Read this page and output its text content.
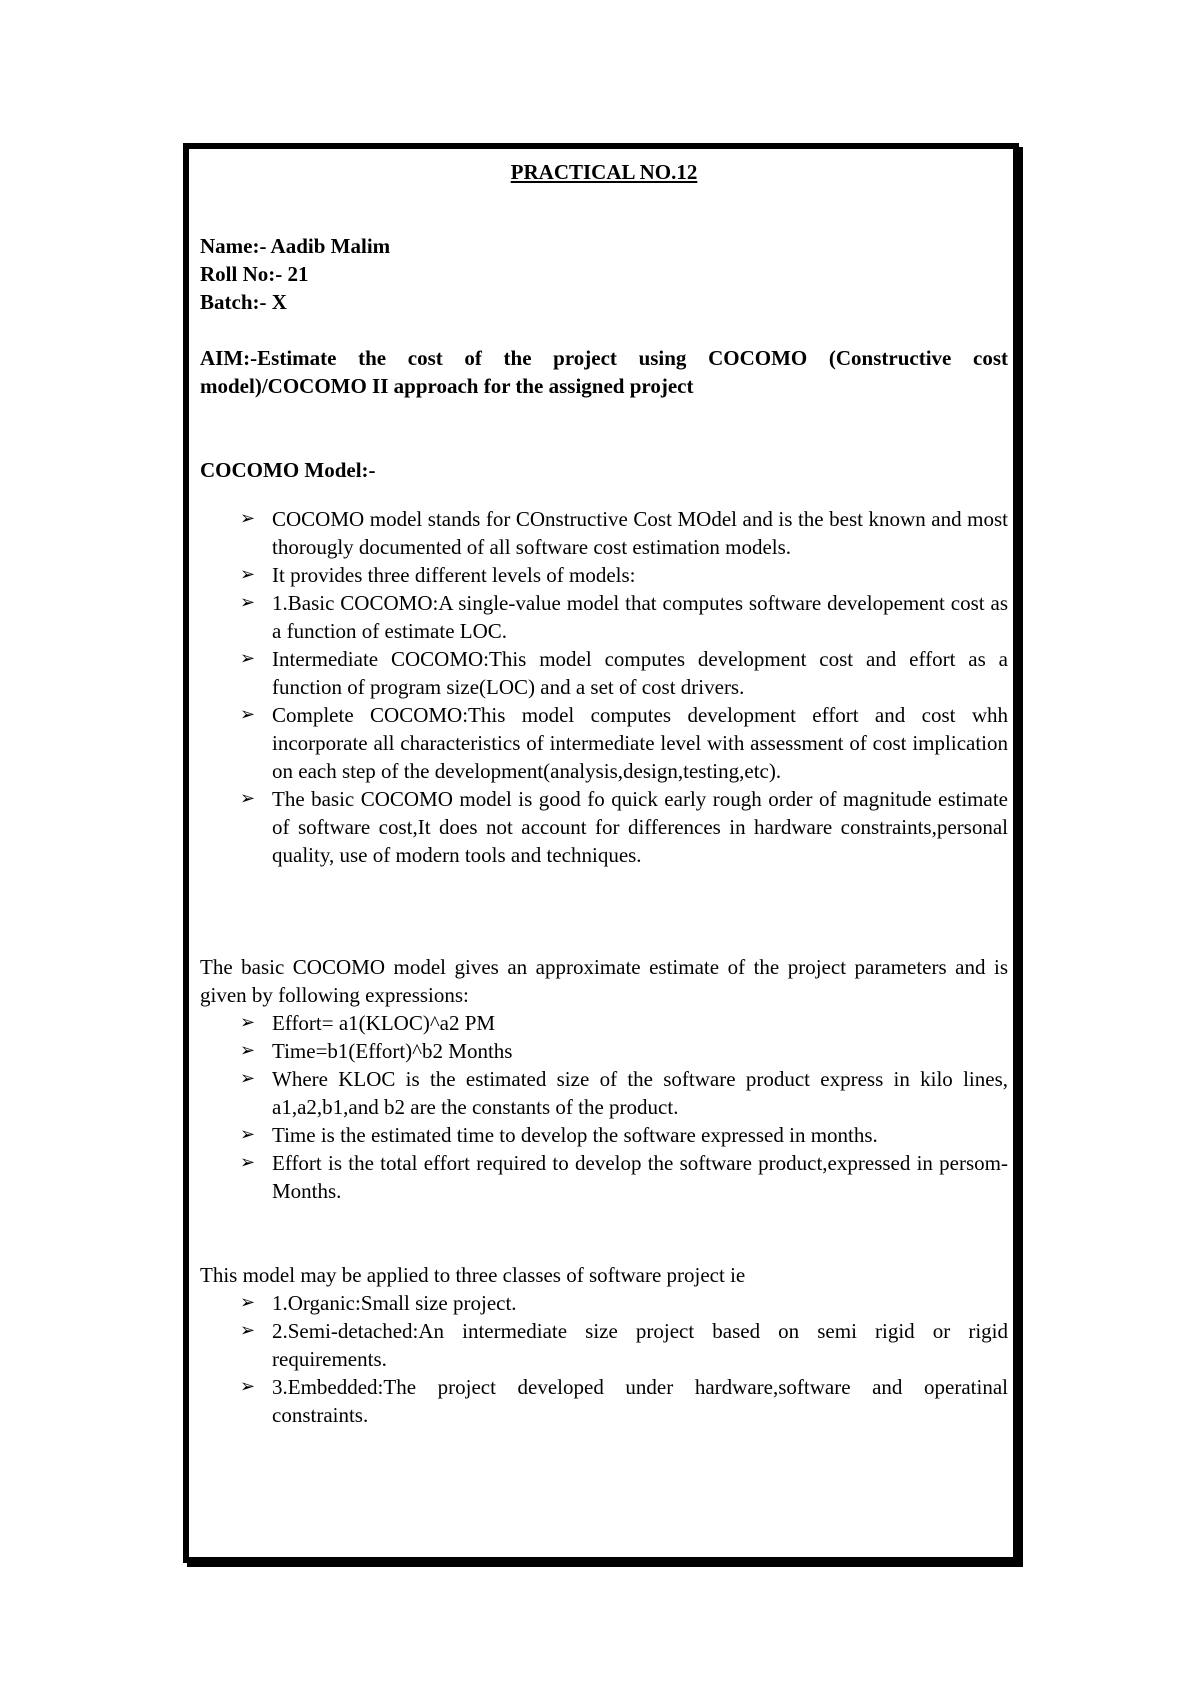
PRACTICAL NO.12

Name:- Aadib Malim

Roll No:- 21

Batch:- X

AIM:-Estimate the cost of the project using COCOMO (Constructive cost model)/COCOMO II approach for the assigned project

COCOMO Model:-

➢ COCOMO model stands for COnstructive Cost MOdel and is the best known and most thorougly documented of all software cost estimation models.
➢ It provides three different levels of models:
➢ 1.Basic COCOMO:A single-value model that computes software developement cost as a function of estimate LOC.
➢ Intermediate COCOMO:This model computes development cost and effort as a function of program size(LOC) and a set of cost drivers.
➢ Complete COCOMO:This model computes development effort and cost whh incorporate all characteristics of intermediate level with assessment of cost implication on each step of the development(analysis,design,testing,etc).
➢ The basic COCOMO model is good fo quick early rough order of magnitude estimate of software cost,It does not account for differences in hardware constraints,personal quality, use of modern tools and techniques.

The basic COCOMO model gives an approximate estimate of the project parameters and is given by following expressions:

➢ Effort= a1(KLOC)^a2 PM
➢ Time=b1(Effort)^b2 Months
➢ Where KLOC is the estimated size of the software product express in kilo lines, a1,a2,b1,and b2 are the constants of the product.
➢ Time is the estimated time to develop the software expressed in months.
➢ Effort is the total effort required to develop the software product,expressed in persom-Months.

This model may be applied to three classes of software project ie

➢ 1.Organic:Small size project.
➢ 2.Semi-detached:An intermediate size project based on semi rigid or rigid requirements.
➢ 3.Embedded:The project developed under hardware,software and operatinal constraints.
